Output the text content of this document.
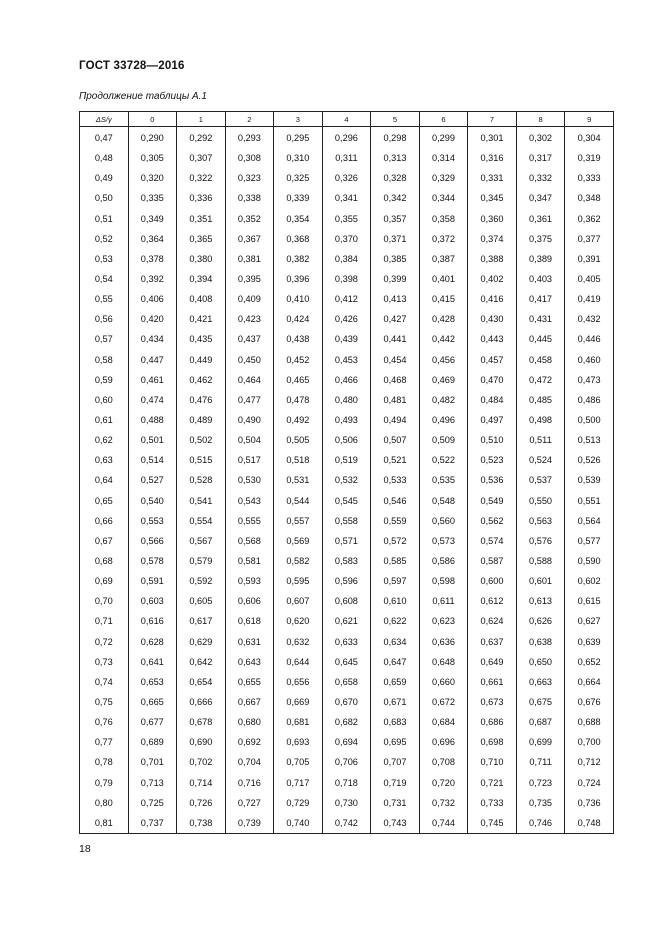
ГОСТ 33728—2016
Продолжение таблицы А.1
ΔS/γ	0	1	2	3	4	5	6	7	8	9
0,47	0,290	0,292	0,293	0,295	0,296	0,298	0,299	0,301	0,302	0,304
0,48	0,305	0,307	0,308	0,310	0,311	0,313	0,314	0,316	0,317	0,319
0,49	0,320	0,322	0,323	0,325	0,326	0,328	0,329	0,331	0,332	0,333
0,50	0,335	0,336	0,338	0,339	0,341	0,342	0,344	0,345	0,347	0,348
0,51	0,349	0,351	0,352	0,354	0,355	0,357	0,358	0,360	0,361	0,362
0,52	0,364	0,365	0,367	0,368	0,370	0,371	0,372	0,374	0,375	0,377
0,53	0,378	0,380	0,381	0,382	0,384	0,385	0,387	0,388	0,389	0,391
0,54	0,392	0,394	0,395	0,396	0,398	0,399	0,401	0,402	0,403	0,405
0,55	0,406	0,408	0,409	0,410	0,412	0,413	0,415	0,416	0,417	0,419
0,56	0,420	0,421	0,423	0,424	0,426	0,427	0,428	0,430	0,431	0,432
0,57	0,434	0,435	0,437	0,438	0,439	0,441	0,442	0,443	0,445	0,446
0,58	0,447	0,449	0,450	0,452	0,453	0,454	0,456	0,457	0,458	0,460
0,59	0,461	0,462	0,464	0,465	0,466	0,468	0,469	0,470	0,472	0,473
0,60	0,474	0,476	0,477	0,478	0,480	0,481	0,482	0,484	0,485	0,486
0,61	0,488	0,489	0,490	0,492	0,493	0,494	0,496	0,497	0,498	0,500
0,62	0,501	0,502	0,504	0,505	0,506	0,507	0,509	0,510	0,511	0,513
0,63	0,514	0,515	0,517	0,518	0,519	0,521	0,522	0,523	0,524	0,526
0,64	0,527	0,528	0,530	0,531	0,532	0,533	0,535	0,536	0,537	0,539
0,65	0,540	0,541	0,543	0,544	0,545	0,546	0,548	0,549	0,550	0,551
0,66	0,553	0,554	0,555	0,557	0,558	0,559	0,560	0,562	0,563	0,564
0,67	0,566	0,567	0,568	0,569	0,571	0,572	0,573	0,574	0,576	0,577
0,68	0,578	0,579	0,581	0,582	0,583	0,585	0,586	0,587	0,588	0,590
0,69	0,591	0,592	0,593	0,595	0,596	0,597	0,598	0,600	0,601	0,602
0,70	0,603	0,605	0,606	0,607	0,608	0,610	0,611	0,612	0,613	0,615
0,71	0,616	0,617	0,618	0,620	0,621	0,622	0,623	0,624	0,626	0,627
0,72	0,628	0,629	0,631	0,632	0,633	0,634	0,636	0,637	0,638	0,639
0,73	0,641	0,642	0,643	0,644	0,645	0,647	0,648	0,649	0,650	0,652
0,74	0,653	0,654	0,655	0,656	0,658	0,659	0,660	0,661	0,663	0,664
0,75	0,665	0,666	0,667	0,669	0,670	0,671	0,672	0,673	0,675	0,676
0,76	0,677	0,678	0,680	0,681	0,682	0,683	0,684	0,686	0,687	0,688
0,77	0,689	0,690	0,692	0,693	0,694	0,695	0,696	0,698	0,699	0,700
0,78	0,701	0,702	0,704	0,705	0,706	0,707	0,708	0,710	0,711	0,712
0,79	0,713	0,714	0,716	0,717	0,718	0,719	0,720	0,721	0,723	0,724
0,80	0,725	0,726	0,727	0,729	0,730	0,731	0,732	0,733	0,735	0,736
0,81	0,737	0,738	0,739	0,740	0,742	0,743	0,744	0,745	0,746	0,748
18
